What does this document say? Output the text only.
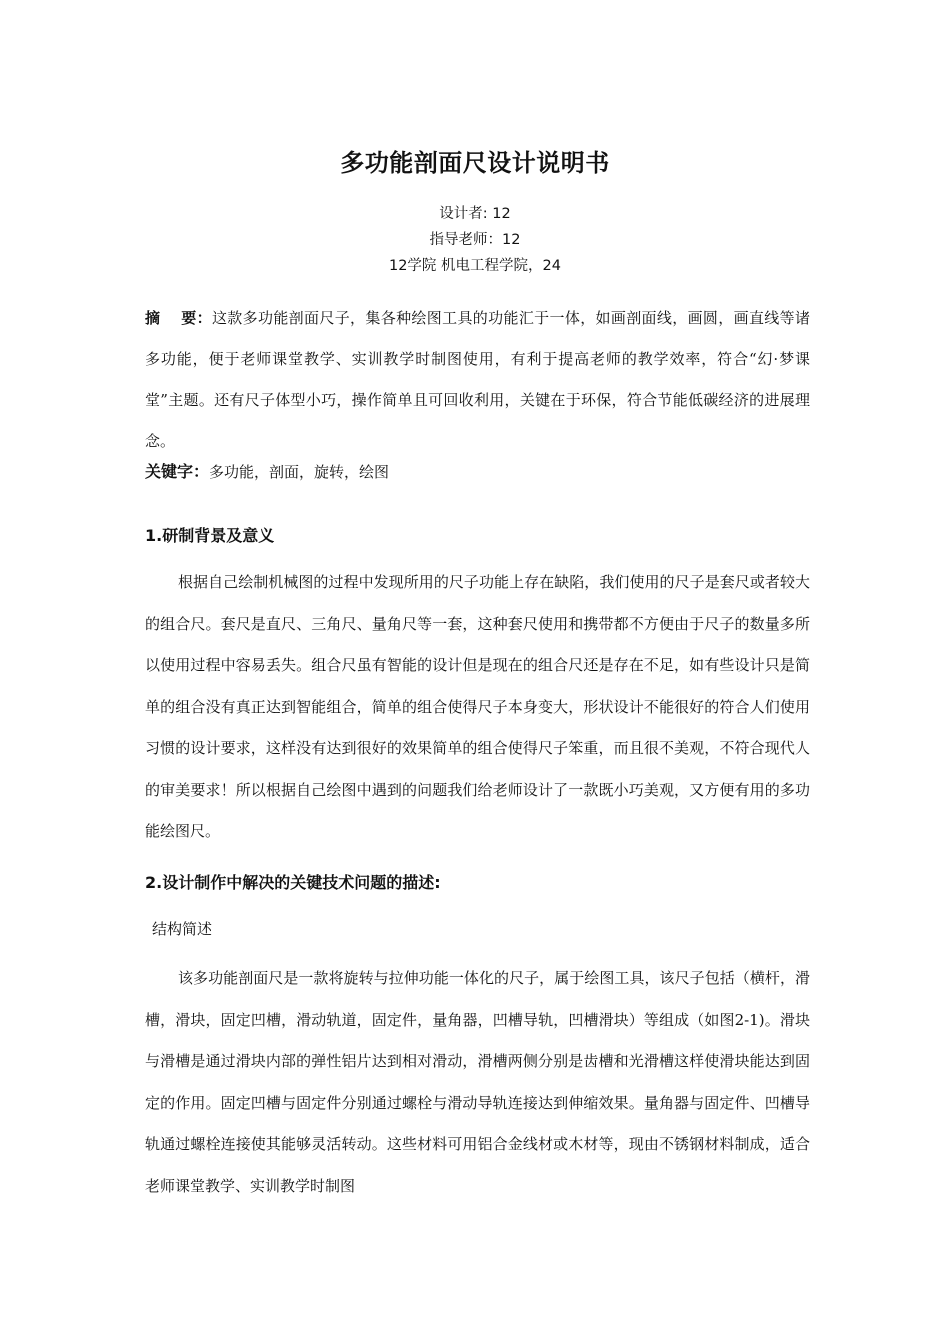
多功能剖面尺设计说明书
设计者: 12
指导老师：12
12学院 机电工程学院，24
摘　 要：这款多功能剖面尺子，集各种绘图工具的功能汇于一体，如画剖面线，画圆，画直线等诸多功能，便于老师课堂教学、实训教学时制图使用，有利于提高老师的教学效率，符合“幻·梦课堂”主题。还有尺子体型小巧，操作简单且可回收利用，关键在于环保，符合节能低碳经济的进展理念。
关键字：多功能，剖面，旋转，绘图
1.研制背景及意义
根据自己绘制机械图的过程中发现所用的尺子功能上存在缺陷，我们使用的尺子是套尺或者较大的组合尺。套尺是直尺、三角尺、量角尺等一套，这种套尺使用和携带都不方便由于尺子的数量多所以使用过程中容易丢失。组合尺虽有智能的设计但是现在的组合尺还是存在不足，如有些设计只是简单的组合没有真正达到智能组合，简单的组合使得尺子本身变大，形状设计不能很好的符合人们使用习惯的设计要求，这样没有达到很好的效果简单的组合使得尺子笨重，而且很不美观，不符合现代人的审美要求！所以根据自己绘图中遇到的问题我们给老师设计了一款既小巧美观，又方便有用的多功能绘图尺。
2.设计制作中解决的关键技术问题的描述:
结构简述
该多功能剖面尺是一款将旋转与拉伸功能一体化的尺子，属于绘图工具，该尺子包括（横杆，滑槽，滑块，固定凹槽，滑动轨道，固定件，量角器，凹槽导轨，凹槽滑块）等组成（如图2-1)。滑块与滑槽是通过滑块内部的弹性铝片达到相对滑动，滑槽两侧分别是齿槽和光滑槽这样使滑块能达到固定的作用。固定凹槽与固定件分别通过螺栓与滑动导轨连接达到伸缩效果。量角器与固定件、凹槽导轨通过螺栓连接使其能够灵活转动。这些材料可用铝合金线材或木材等，现由不锈钢材料制成，适合老师课堂教学、实训教学时制图
